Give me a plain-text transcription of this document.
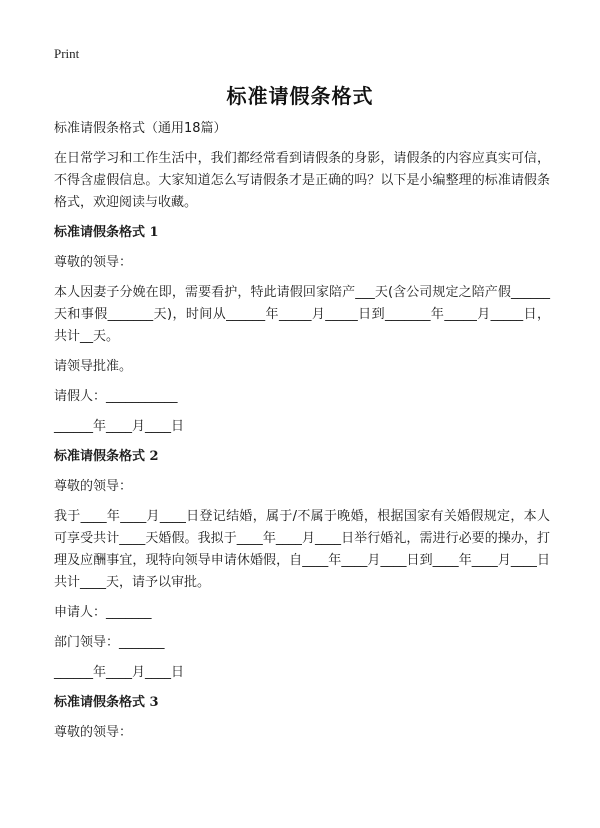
Print
标准请假条格式

标准请假条格式（通用18篇）

在日常学习和工作生活中，我们都经常看到请假条的身影，请假条的内容应真实可信，不得含虚假信息。大家知道怎么写请假条才是正确的吗？以下是小编整理的标准请假条格式，欢迎阅读与收藏。

标准请假条格式 1

尊敬的领导：

本人因妻子分娩在即，需要看护，特此请假回家陪产___天(含公司规定之陪产假______天和事假_______天)，时间从______年_____月_____日到_______年_____月_____日，共计__天。

请领导批准。

请假人：___________

______年____月____日

标准请假条格式 2

尊敬的领导：

我于____年____月____日登记结婚，属于/不属于晚婚，根据国家有关婚假规定，本人可享受共计____天婚假。我拟于____年____月____日举行婚礼，需进行必要的操办，打理及应酬事宜，现特向领导申请休婚假，自____年____月____日到____年____月____日共计____天，请予以审批。

申请人：_______

部门领导：_______

______年____月____日

标准请假条格式 3

尊敬的领导：
